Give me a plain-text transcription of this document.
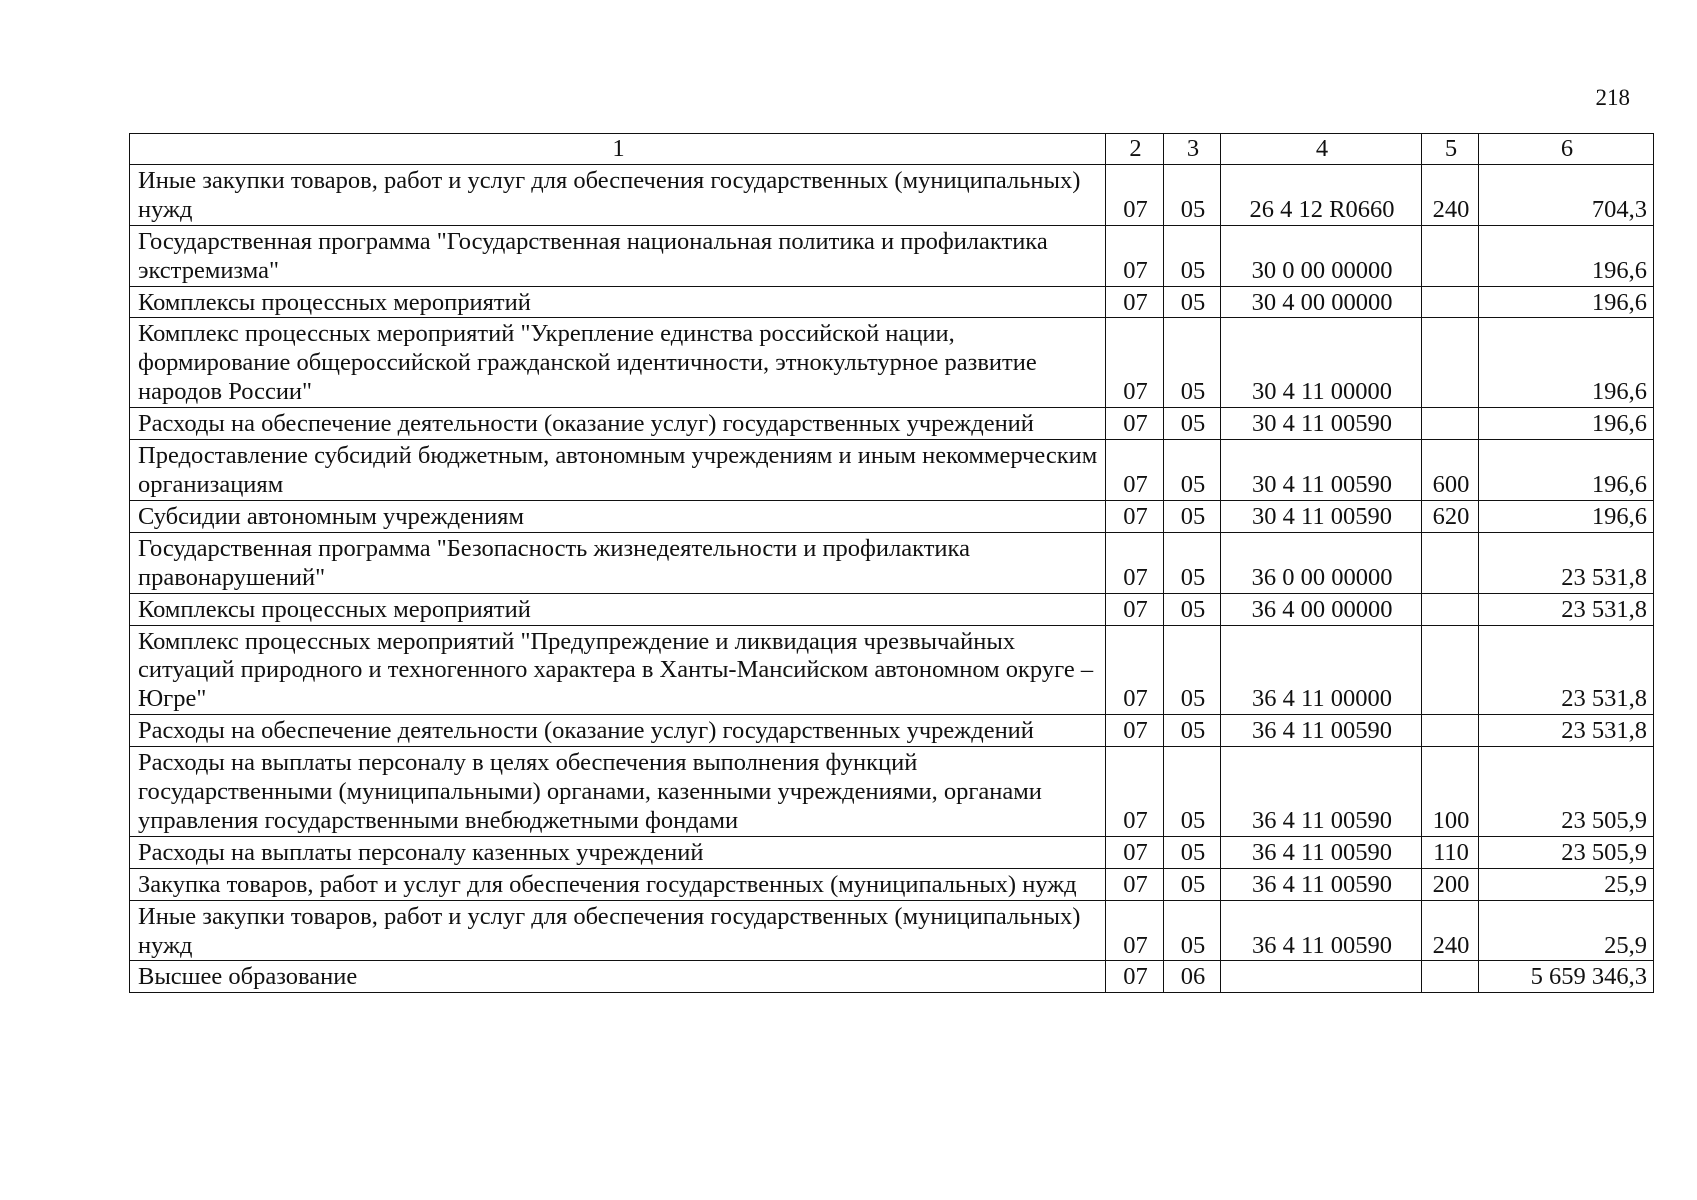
218
1	2	3	4	5	6
Иные закупки товаров, работ и услуг для обеспечения государственных (муниципальных) нужд	07	05	26 4 12 R0660	240	704,3
Государственная программа "Государственная национальная политика и профилактика экстремизма"	07	05	30 0 00 00000		196,6
Комплексы процессных мероприятий	07	05	30 4 00 00000		196,6
Комплекс процессных мероприятий "Укрепление единства российской нации, формирование общероссийской гражданской идентичности, этнокультурное развитие народов России"	07	05	30 4 11 00000		196,6
Расходы на обеспечение деятельности (оказание услуг) государственных учреждений	07	05	30 4 11 00590		196,6
Предоставление субсидий бюджетным, автономным учреждениям и иным некоммерческим организациям	07	05	30 4 11 00590	600	196,6
Субсидии автономным учреждениям	07	05	30 4 11 00590	620	196,6
Государственная программа "Безопасность жизнедеятельности и профилактика правонарушений"	07	05	36 0 00 00000		23 531,8
Комплексы процессных мероприятий	07	05	36 4 00 00000		23 531,8
Комплекс процессных мероприятий "Предупреждение и ликвидация чрезвычайных ситуаций природного и техногенного характера в Ханты-Мансийском автономном округе – Югре"	07	05	36 4 11 00000		23 531,8
Расходы на обеспечение деятельности (оказание услуг) государственных учреждений	07	05	36 4 11 00590		23 531,8
Расходы на выплаты персоналу в целях обеспечения выполнения функций государственными (муниципальными) органами, казенными учреждениями, органами управления государственными внебюджетными фондами	07	05	36 4 11 00590	100	23 505,9
Расходы на выплаты персоналу казенных учреждений	07	05	36 4 11 00590	110	23 505,9
Закупка товаров, работ и услуг для обеспечения государственных (муниципальных) нужд	07	05	36 4 11 00590	200	25,9
Иные закупки товаров, работ и услуг для обеспечения государственных (муниципальных) нужд	07	05	36 4 11 00590	240	25,9
Высшее образование	07	06			5 659 346,3
